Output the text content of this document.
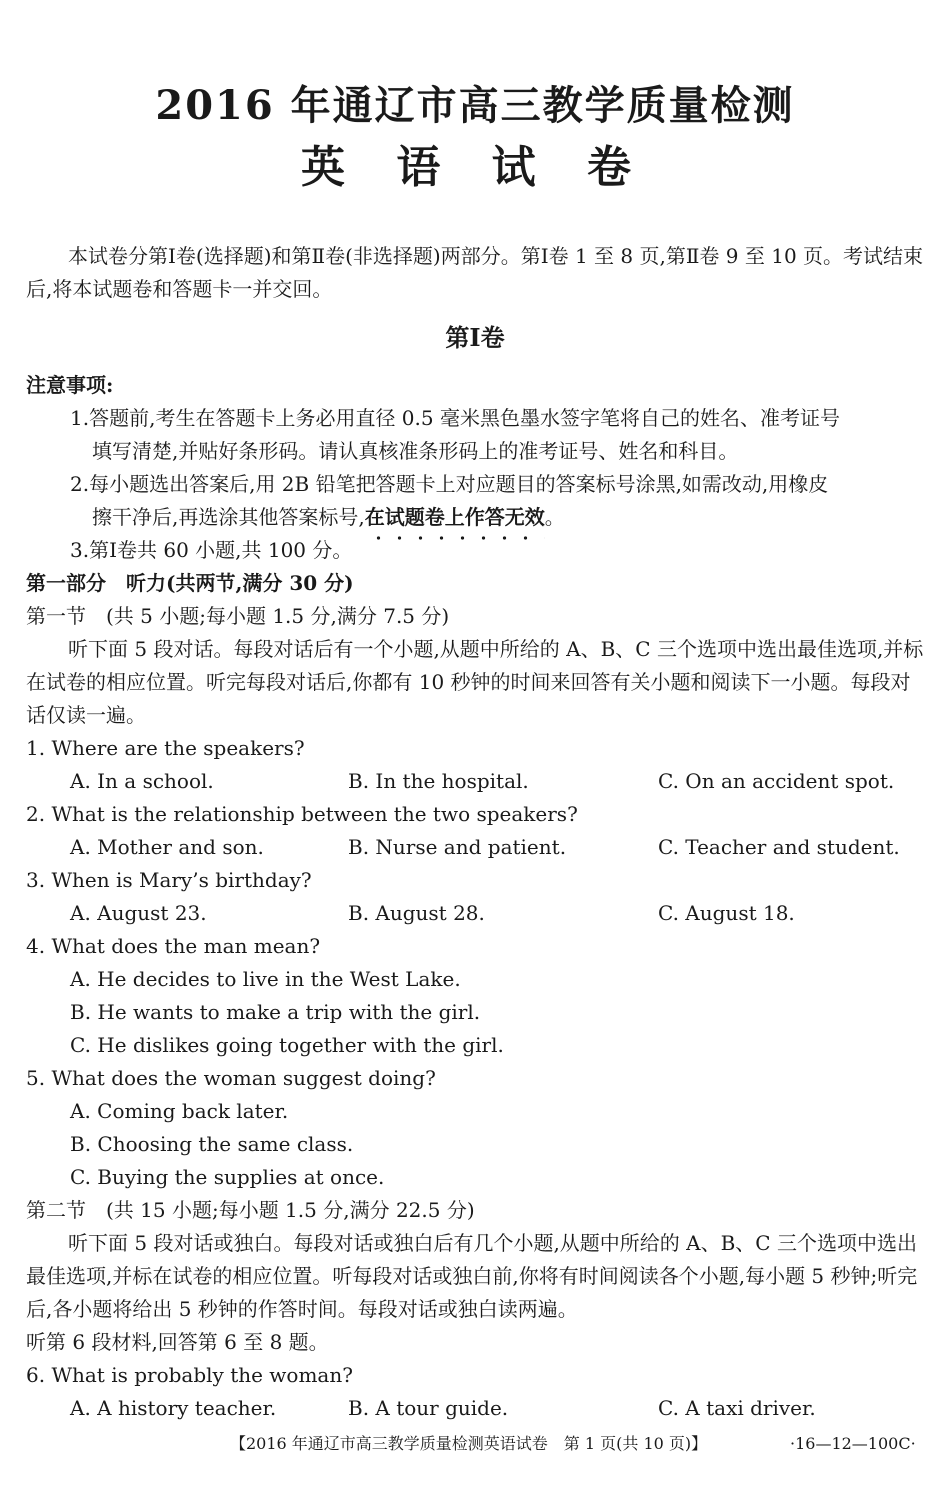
2016 年通辽市高三教学质量检测
英 语 试 卷
本试卷分第Ⅰ卷(选择题)和第Ⅱ卷(非选择题)两部分。第Ⅰ卷 1 至 8 页,第Ⅱ卷 9 至 10 页。考试结束后,将本试题卷和答题卡一并交回。
第Ⅰ卷
注意事项:
1.答题前,考生在答题卡上务必用直径 0.5 毫米黑色墨水签字笔将自己的姓名、准考证号
填写清楚,并贴好条形码。请认真核准条形码上的准考证号、姓名和科目。
2.每小题选出答案后,用 2B 铅笔把答题卡上对应题目的答案标号涂黑,如需改动,用橡皮
擦干净后,再选涂其他答案标号,在试题卷上作答无效
。
3.第Ⅰ卷共 60 小题,共 100 分。
第一部分　听力(共两节,满分 30 分)
第一节　(共 5 小题;每小题 1.5 分,满分 7.5 分)
听下面 5 段对话。每段对话后有一个小题,从题中所给的 A、B、C 三个选项中选出最佳选项,并标在试卷的相应位置。听完每段对话后,你都有 10 秒钟的时间来回答有关小题和阅读下一小题。每段对话仅读一遍。
1. Where are the speakers?
A. In a school.	B. In the hospital.	C. On an accident spot.
2. What is the relationship between the two speakers?
A. Mother and son.	B. Nurse and patient.	C. Teacher and student.
3. When is Mary’s birthday?
A. August 23.	B. August 28.	C. August 18.
4. What does the man mean?
A. He decides to live in the West Lake.
B. He wants to make a trip with the girl.
C. He dislikes going together with the girl.
5. What does the woman suggest doing?
A. Coming back later.
B. Choosing the same class.
C. Buying the supplies at once.
第二节　(共 15 小题;每小题 1.5 分,满分 22.5 分)
听下面 5 段对话或独白。每段对话或独白后有几个小题,从题中所给的 A、B、C 三个选项中选出最佳选项,并标在试卷的相应位置。听每段对话或独白前,你将有时间阅读各个小题,每小题 5 秒钟;听完后,各小题将给出 5 秒钟的作答时间。每段对话或独白读两遍。
听第 6 段材料,回答第 6 至 8 题。
6. What is probably the woman?
A. A history teacher.	B. A tour guide.	C. A taxi driver.
【2016 年通辽市高三教学质量检测英语试卷　第 1 页(共 10 页)】	·16—12—100C·
